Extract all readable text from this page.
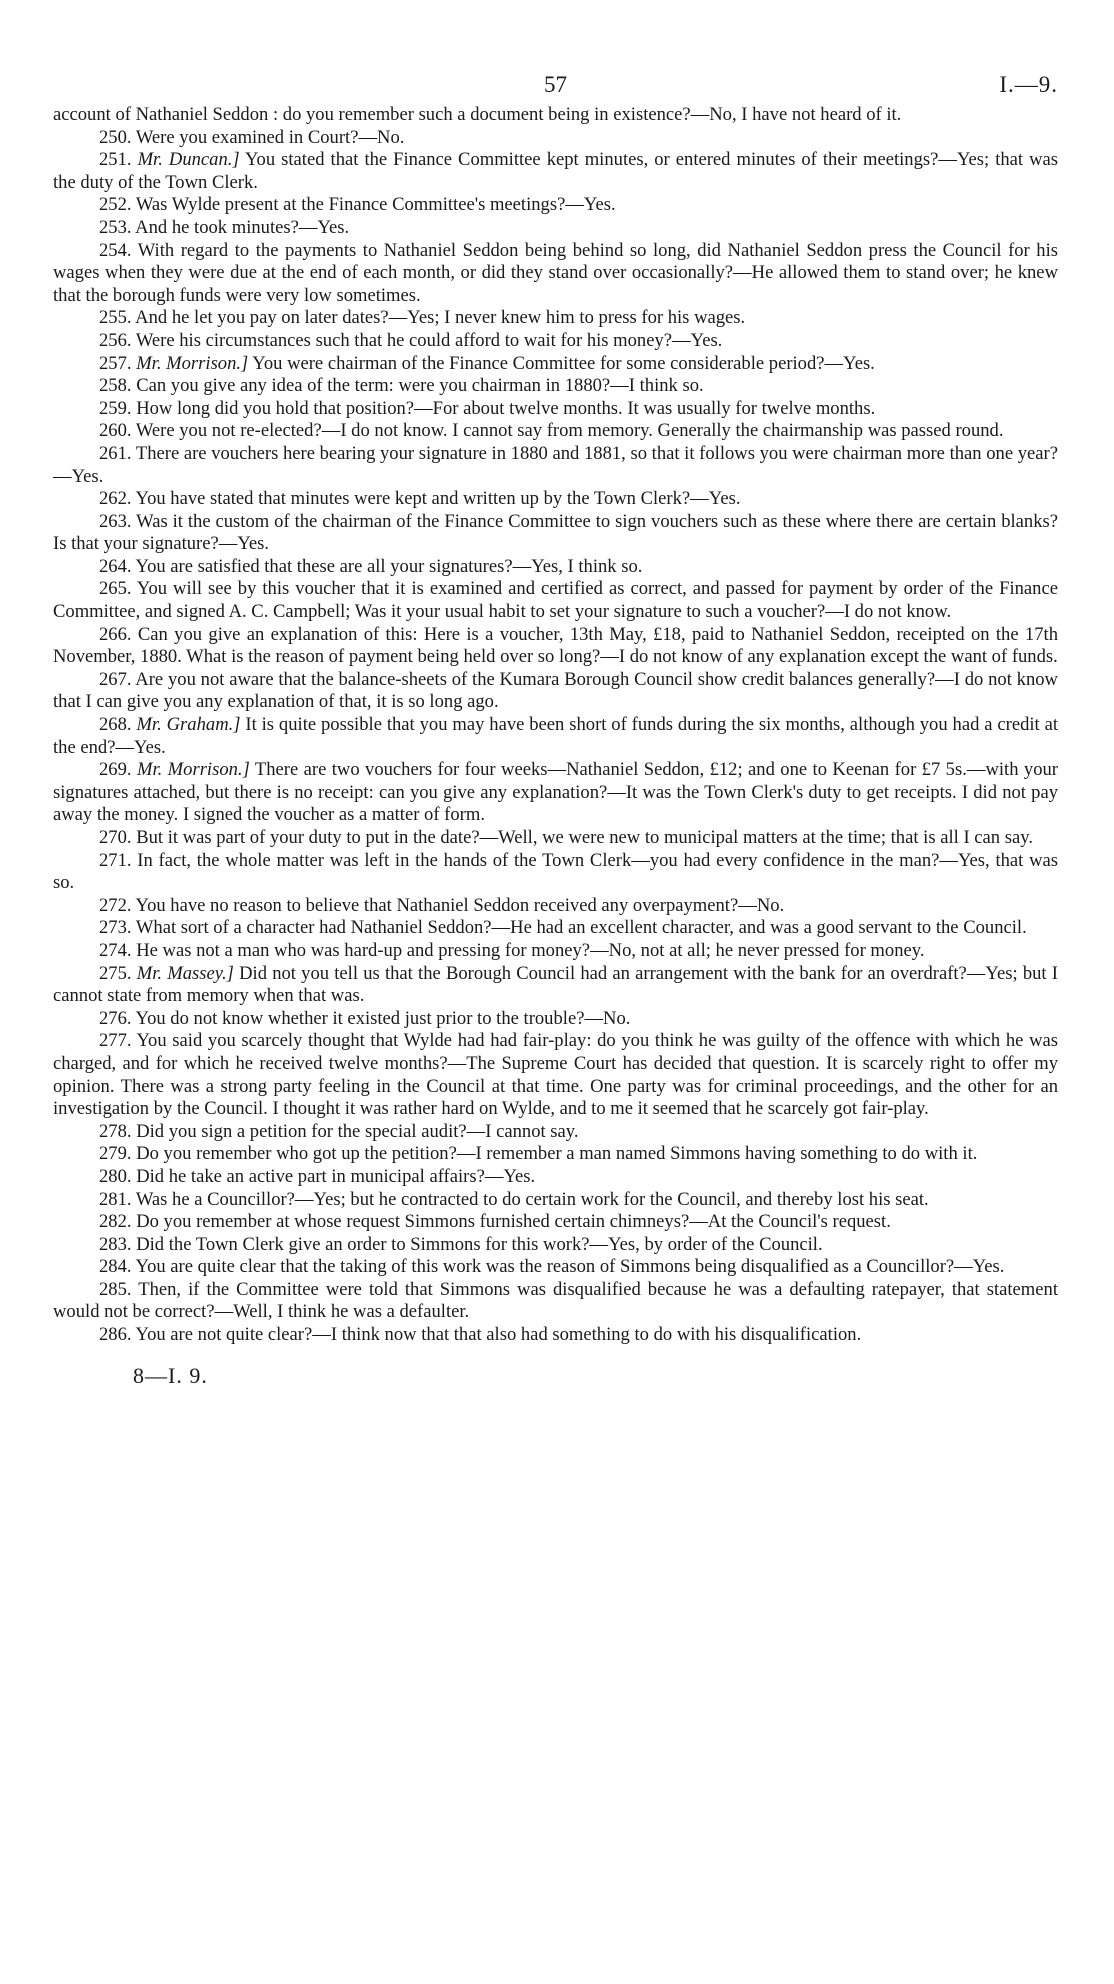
57	I.—9.

account of Nathaniel Seddon : do you remember such a document being in existence?—No, I have not heard of it.

250. Were you examined in Court?—No.

251. Mr. Duncan.] You stated that the Finance Committee kept minutes, or entered minutes of their meetings?—Yes; that was the duty of the Town Clerk.

252. Was Wylde present at the Finance Committee's meetings?—Yes.

253. And he took minutes?—Yes.

254. With regard to the payments to Nathaniel Seddon being behind so long, did Nathaniel Seddon press the Council for his wages when they were due at the end of each month, or did they stand over occasionally?—He allowed them to stand over; he knew that the borough funds were very low sometimes.

255. And he let you pay on later dates?—Yes; I never knew him to press for his wages.

256. Were his circumstances such that he could afford to wait for his money?—Yes.

257. Mr. Morrison.] You were chairman of the Finance Committee for some considerable period?—Yes.

258. Can you give any idea of the term: were you chairman in 1880?—I think so.

259. How long did you hold that position?—For about twelve months. It was usually for twelve months.

260. Were you not re-elected?—I do not know. I cannot say from memory. Generally the chairmanship was passed round.

261. There are vouchers here bearing your signature in 1880 and 1881, so that it follows you were chairman more than one year?—Yes.

262. You have stated that minutes were kept and written up by the Town Clerk?—Yes.

263. Was it the custom of the chairman of the Finance Committee to sign vouchers such as these where there are certain blanks? Is that your signature?—Yes.

264. You are satisfied that these are all your signatures?—Yes, I think so.

265. You will see by this voucher that it is examined and certified as correct, and passed for payment by order of the Finance Committee, and signed A. C. Campbell; Was it your usual habit to set your signature to such a voucher?—I do not know.

266. Can you give an explanation of this: Here is a voucher, 13th May, £18, paid to Nathaniel Seddon, receipted on the 17th November, 1880. What is the reason of payment being held over so long?—I do not know of any explanation except the want of funds.

267. Are you not aware that the balance-sheets of the Kumara Borough Council show credit balances generally?—I do not know that I can give you any explanation of that, it is so long ago.

268. Mr. Graham.] It is quite possible that you may have been short of funds during the six months, although you had a credit at the end?—Yes.

269. Mr. Morrison.] There are two vouchers for four weeks—Nathaniel Seddon, £12; and one to Keenan for £7 5s.—with your signatures attached, but there is no receipt: can you give any explanation?—It was the Town Clerk's duty to get receipts. I did not pay away the money. I signed the voucher as a matter of form.

270. But it was part of your duty to put in the date?—Well, we were new to municipal matters at the time; that is all I can say.

271. In fact, the whole matter was left in the hands of the Town Clerk—you had every confidence in the man?—Yes, that was so.

272. You have no reason to believe that Nathaniel Seddon received any overpayment?—No.

273. What sort of a character had Nathaniel Seddon?—He had an excellent character, and was a good servant to the Council.

274. He was not a man who was hard-up and pressing for money?—No, not at all; he never pressed for money.

275. Mr. Massey.] Did not you tell us that the Borough Council had an arrangement with the bank for an overdraft?—Yes; but I cannot state from memory when that was.

276. You do not know whether it existed just prior to the trouble?—No.

277. You said you scarcely thought that Wylde had had fair-play: do you think he was guilty of the offence with which he was charged, and for which he received twelve months?—The Supreme Court has decided that question. It is scarcely right to offer my opinion. There was a strong party feeling in the Council at that time. One party was for criminal proceedings, and the other for an investigation by the Council. I thought it was rather hard on Wylde, and to me it seemed that he scarcely got fair-play.

278. Did you sign a petition for the special audit?—I cannot say.

279. Do you remember who got up the petition?—I remember a man named Simmons having something to do with it.

280. Did he take an active part in municipal affairs?—Yes.

281. Was he a Councillor?—Yes; but he contracted to do certain work for the Council, and thereby lost his seat.

282. Do you remember at whose request Simmons furnished certain chimneys?—At the Council's request.

283. Did the Town Clerk give an order to Simmons for this work?—Yes, by order of the Council.

284. You are quite clear that the taking of this work was the reason of Simmons being disqualified as a Councillor?—Yes.

285. Then, if the Committee were told that Simmons was disqualified because he was a defaulting ratepayer, that statement would not be correct?—Well, I think he was a defaulter.

286. You are not quite clear?—I think now that that also had something to do with his disqualification.

8—I. 9.
